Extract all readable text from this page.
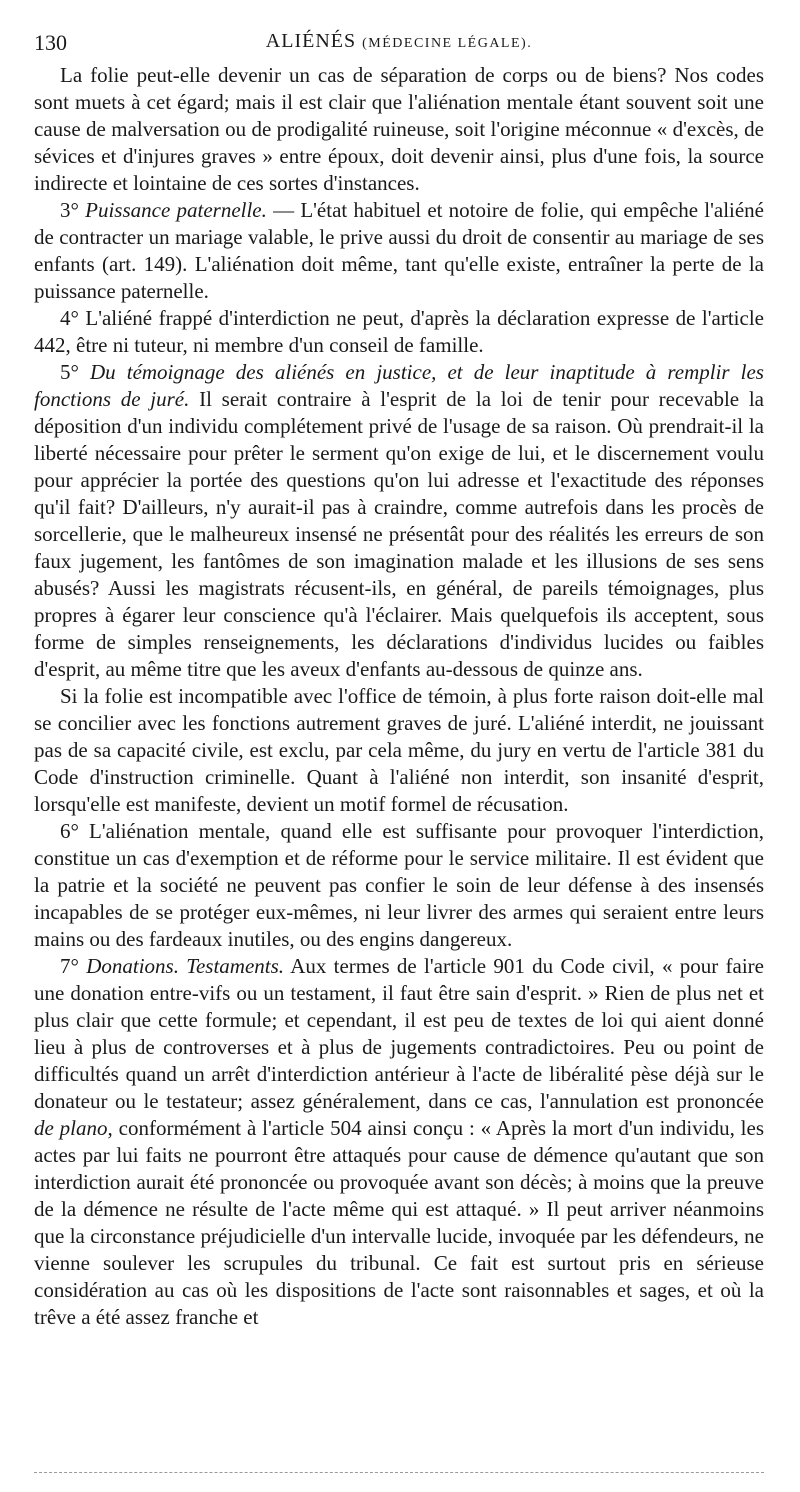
130	ALIÉNÉS (MÉDECINE LÉGALE).

La folie peut-elle devenir un cas de séparation de corps ou de biens? Nos codes sont muets à cet égard; mais il est clair que l'aliénation mentale étant souvent soit une cause de malversation ou de prodigalité ruineuse, soit l'origine méconnue « d'excès, de sévices et d'injures graves » entre époux, doit devenir ainsi, plus d'une fois, la source indirecte et lointaine de ces sortes d'instances.

3° Puissance paternelle. — L'état habituel et notoire de folie, qui empêche l'aliéné de contracter un mariage valable, le prive aussi du droit de consentir au mariage de ses enfants (art. 149). L'aliénation doit même, tant qu'elle existe, entraîner la perte de la puissance paternelle.

4° L'aliéné frappé d'interdiction ne peut, d'après la déclaration expresse de l'article 442, être ni tuteur, ni membre d'un conseil de famille.

5° Du témoignage des aliénés en justice, et de leur inaptitude à remplir les fonctions de juré. Il serait contraire à l'esprit de la loi de tenir pour recevable la déposition d'un individu complétement privé de l'usage de sa raison. Où prendrait-il la liberté nécessaire pour prêter le serment qu'on exige de lui, et le discernement voulu pour apprécier la portée des questions qu'on lui adresse et l'exactitude des réponses qu'il fait? D'ailleurs, n'y aurait-il pas à craindre, comme autrefois dans les procès de sorcellerie, que le malheureux insensé ne présentât pour des réalités les erreurs de son faux jugement, les fantômes de son imagination malade et les illusions de ses sens abusés? Aussi les magistrats récusent-ils, en général, de pareils témoignages, plus propres à égarer leur conscience qu'à l'éclairer. Mais quelquefois ils acceptent, sous forme de simples renseignements, les déclarations d'individus lucides ou faibles d'esprit, au même titre que les aveux d'enfants au-dessous de quinze ans.

Si la folie est incompatible avec l'office de témoin, à plus forte raison doit-elle mal se concilier avec les fonctions autrement graves de juré. L'aliéné interdit, ne jouissant pas de sa capacité civile, est exclu, par cela même, du jury en vertu de l'article 381 du Code d'instruction criminelle. Quant à l'aliéné non interdit, son insanité d'esprit, lorsqu'elle est manifeste, devient un motif formel de récusation.

6° L'aliénation mentale, quand elle est suffisante pour provoquer l'interdiction, constitue un cas d'exemption et de réforme pour le service militaire. Il est évident que la patrie et la société ne peuvent pas confier le soin de leur défense à des insensés incapables de se protéger eux-mêmes, ni leur livrer des armes qui seraient entre leurs mains ou des fardeaux inutiles, ou des engins dangereux.

7° Donations. Testaments. Aux termes de l'article 901 du Code civil, « pour faire une donation entre-vifs ou un testament, il faut être sain d'esprit. » Rien de plus net et plus clair que cette formule; et cependant, il est peu de textes de loi qui aient donné lieu à plus de controverses et à plus de jugements contradictoires. Peu ou point de difficultés quand un arrêt d'interdiction antérieur à l'acte de libéralité pèse déjà sur le donateur ou le testateur; assez généralement, dans ce cas, l'annulation est prononcée de plano, conformément à l'article 504 ainsi conçu : « Après la mort d'un individu, les actes par lui faits ne pourront être attaqués pour cause de démence qu'autant que son interdiction aurait été prononcée ou provoquée avant son décès; à moins que la preuve de la démence ne résulte de l'acte même qui est attaqué. » Il peut arriver néanmoins que la circonstance préjudicielle d'un intervalle lucide, invoquée par les défendeurs, ne vienne soulever les scrupules du tribunal. Ce fait est surtout pris en sérieuse considération au cas où les dispositions de l'acte sont raisonnables et sages, et où la trêve a été assez franche et
